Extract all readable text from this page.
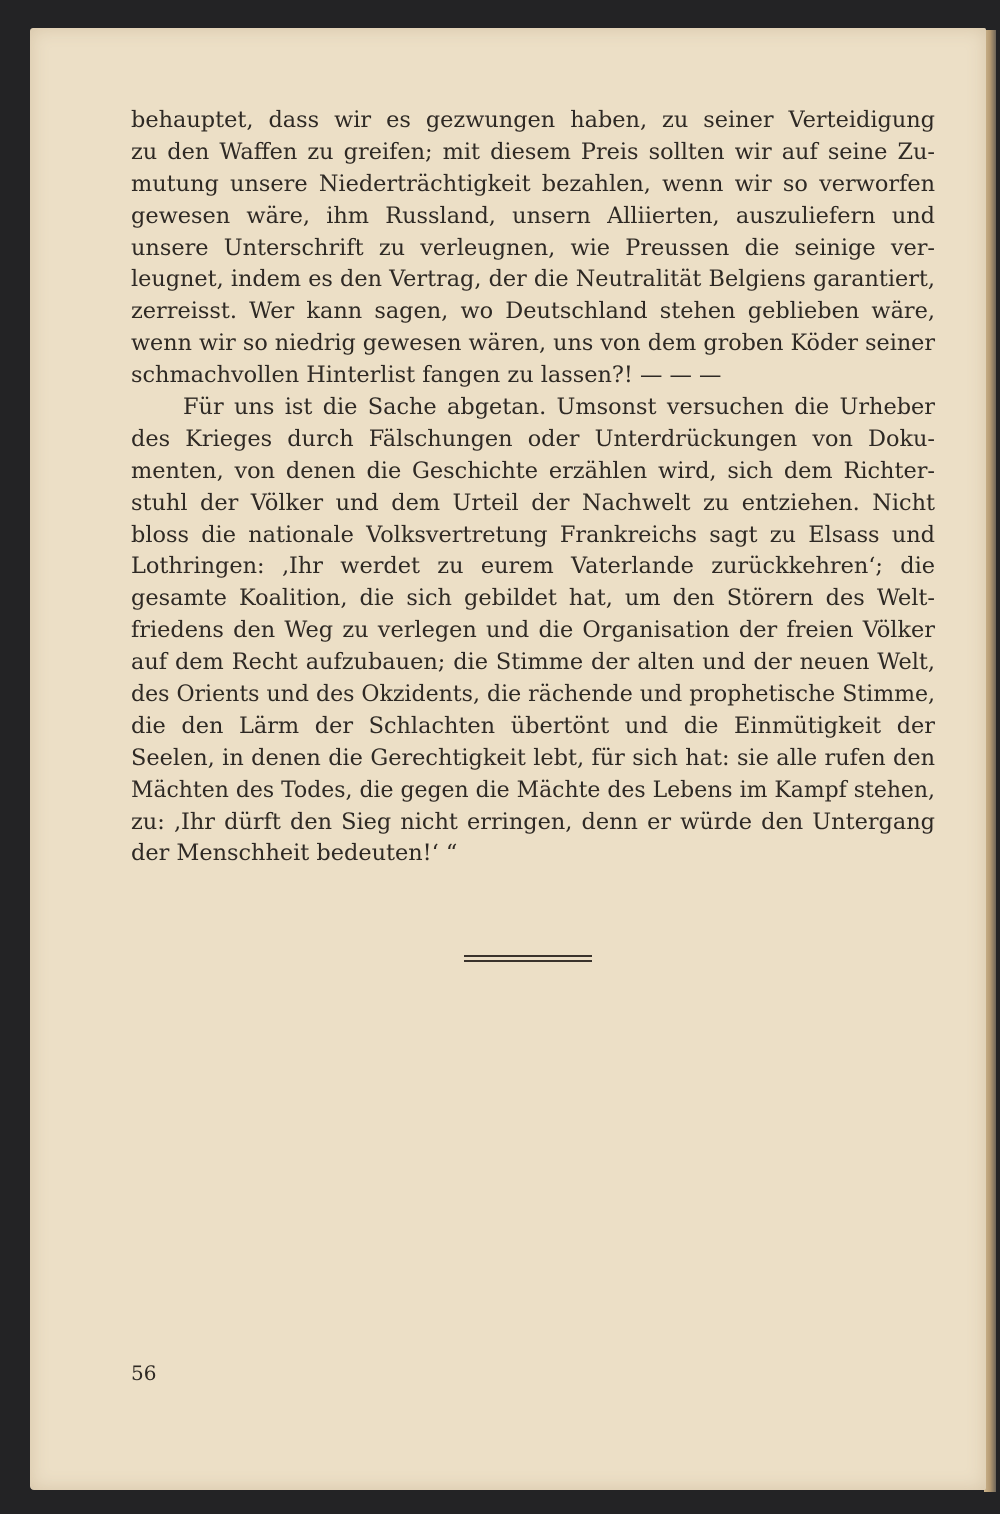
behauptet, dass wir es gezwungen haben, zu seiner Verteidigung
zu den Waffen zu greifen; mit diesem Preis sollten wir auf seine Zu-
mutung unsere Niederträchtigkeit bezahlen, wenn wir so verworfen
gewesen wäre, ihm Russland, unsern Alliierten, auszuliefern und
unsere Unterschrift zu verleugnen, wie Preussen die seinige ver-
leugnet, indem es den Vertrag, der die Neutralität Belgiens garantiert,
zerreisst. Wer kann sagen, wo Deutschland stehen geblieben wäre,
wenn wir so niedrig gewesen wären, uns von dem groben Köder seiner
schmachvollen Hinterlist fangen zu lassen?! — — —
Für uns ist die Sache abgetan. Umsonst versuchen die Urheber
des Krieges durch Fälschungen oder Unterdrückungen von Doku-
menten, von denen die Geschichte erzählen wird, sich dem Richter-
stuhl der Völker und dem Urteil der Nachwelt zu entziehen. Nicht
bloss die nationale Volksvertretung Frankreichs sagt zu Elsass und
Lothringen: ‚Ihr werdet zu eurem Vaterlande zurückkehren‘; die
gesamte Koalition, die sich gebildet hat, um den Störern des Welt-
friedens den Weg zu verlegen und die Organisation der freien Völker
auf dem Recht aufzubauen; die Stimme der alten und der neuen Welt,
des Orients und des Okzidents, die rächende und prophetische Stimme,
die den Lärm der Schlachten übertönt und die Einmütigkeit der
Seelen, in denen die Gerechtigkeit lebt, für sich hat: sie alle rufen den
Mächten des Todes, die gegen die Mächte des Lebens im Kampf stehen,
zu: ‚Ihr dürft den Sieg nicht erringen, denn er würde den Untergang
der Menschheit bedeuten!‘ “
56
